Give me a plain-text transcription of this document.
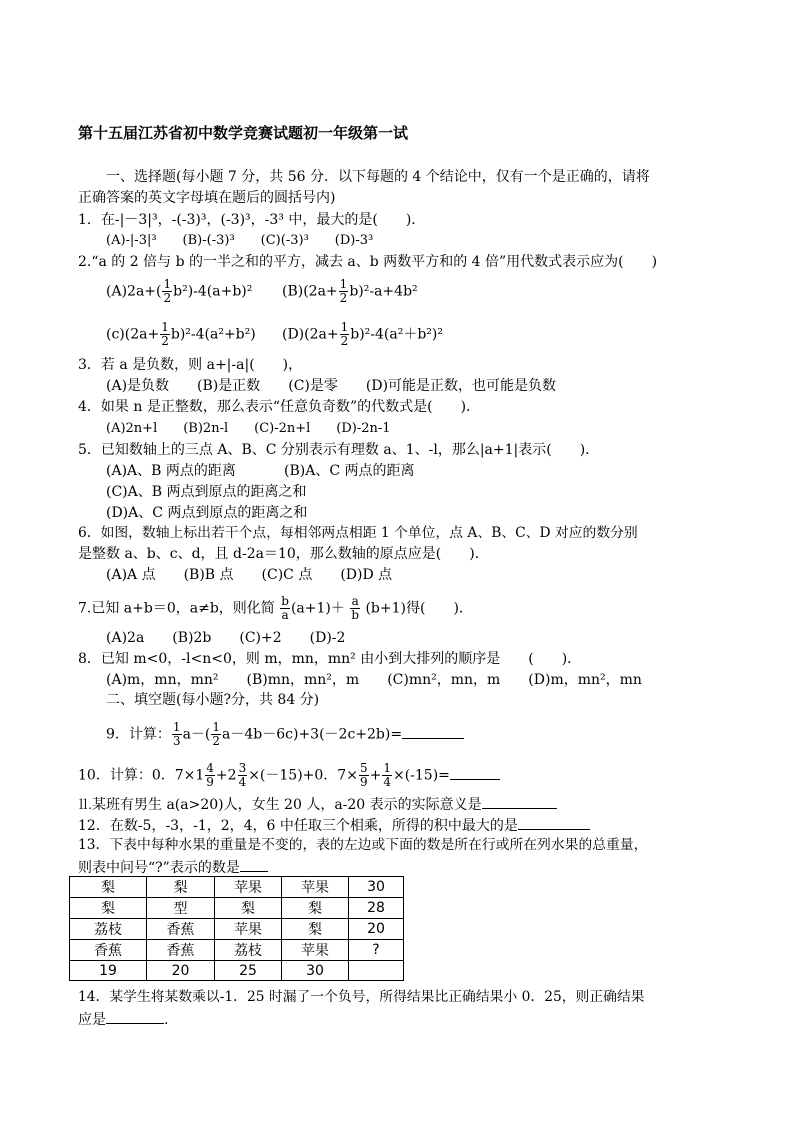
第十五届江苏省初中数学竞赛试题初一年级第一试
一、选择题(每小题 7 分，共 56 分．以下每题的 4 个结论中，仅有一个是正确的，请将
正确答案的英文字母填在题后的圆括号内)
1．在-|－3|³，-(-3)³，(-3)³，-3³ 中，最大的是(　　)．
(A)-|-3|³　　(B)-(-3)³　　(C)(-3)³　　(D)-3³
2.“a 的 2 倍与 b 的一半之和的平方，减去 a、b 两数平方和的 4 倍”用代数式表示应为(　　)
$(A)2a+( \frac{1}{2} b^2)-4(a+b)^2$ $(B)(2a+ \frac{1}{2} b)^2-a+4b^2$
$(c)(2a+ \frac{1}{2} b)^2-4(a^2+b^2)$ $(D)(2a+ \frac{1}{2} b)^2-4(a^2+b^2)^2$
3．若 a 是负数，则 a+|-a|(　　)，
(A)是负数　　(B)是正数　　(C)是零　　(D)可能是正数，也可能是负数
4．如果 n 是正整数，那么表示“任意负奇数”的代数式是(　　)．
(A)2n+l　　(B)2n-l　　(C)-2n+l　　(D)-2n-1
5．已知数轴上的三点 A、B、C 分别表示有理数 a、1、-l，那么|a+1|表示(　　)．
(A)A、B 两点的距离	(B)A、C 两点的距离
(C)A、B 两点到原点的距离之和
(D)A、C 两点到原点的距离之和
6．如图，数轴上标出若干个点，每相邻两点相距 1 个单位，点 A、B、C、D 对应的数分别
是整数 a、b、c、d，且 d-2a＝10，那么数轴的原点应是(　　)．
(A)A 点　　(B)B 点　　(C)C 点　　(D)D 点
7.已知 a+b＝0，a≠b，则化简 $\frac{b}{a} (a+1)+ \frac{a}{b} (b+1)$得(　　)．
(A)2a　　(B)2b　　(C)+2　　(D)-2
8．已知 m<0，-l<n<0，则 m，mn，mn² 由小到大排列的顺序是　　(　　)．
(A)m，mn，mn²　　(B)mn，mn²，m　　(C)mn²，mn，m　　(D)m，mn²，mn
二、填空题(每小题?分，共 84 分)
9．计算： $\frac{1}{3} a-( \frac{1}{2} a-4b-6c)+3(-2c+2b)=$
10．计算：0．$7\times 1 \frac{4}{9} +2 \frac{3}{4} \times(-15)+0$．$7\times \frac{5}{9} + \frac{1}{4} \times(-15)=$
⒒某班有男生 a(a>20)人，女生 20 人，a-20 表示的实际意义是
12．在数-5，-3，-1，2，4，6 中任取三个相乘，所得的积中最大的是
13．下表中每种水果的重量是不变的，表的左边或下面的数是所在行或所在列水果的总重量，
则表中问号“?”表示的数是
梨	梨	苹果	苹果	30
梨	型	梨	梨	28
荔枝	香蕉	苹果	梨	20
香蕉	香蕉	荔枝	苹果	?
19	20	25	30	
14．某学生将某数乘以-1．25 时漏了一个负号，所得结果比正确结果小 0．25，则正确结果
应是	.
